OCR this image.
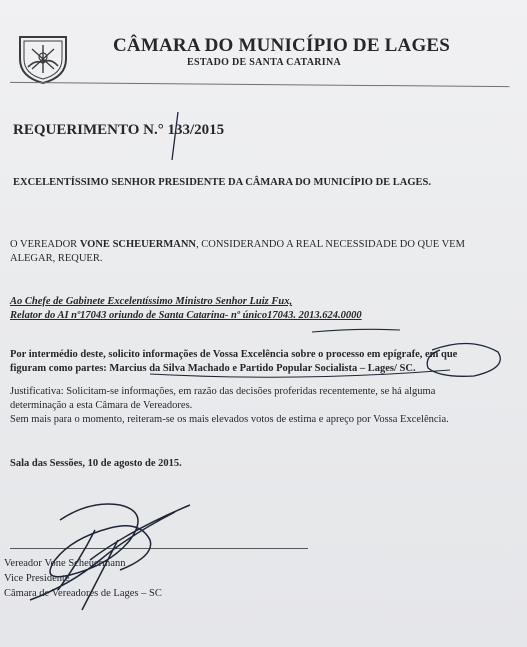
CÂMARA DO MUNICÍPIO DE LAGES
ESTADO DE SANTA CATARINA
REQUERIMENTO N.° 133/2015
EXCELENTÍSSIMO SENHOR PRESIDENTE DA CÂMARA DO MUNICÍPIO DE LAGES.
O VEREADOR VONE SCHEUERMANN, CONSIDERANDO A REAL NECESSIDADE DO QUE VEM
ALEGAR, REQUER.
Ao Chefe de Gabinete Excelentíssimo Ministro Senhor Luiz Fux,
Relator do AI nº17043 oriundo de Santa Catarina- nº único17043. 2013.624.0000
Por intermédio deste, solicito informações de Vossa Excelência sobre o processo em epígrafe, em que
figuram como partes: Marcius da Silva Machado e Partido Popular Socialista – Lages/ SC.
Justificativa: Solicitam-se informações, em razão das decisões proferidas recentemente, se há alguma
determinação a esta Câmara de Vereadores.
Sem mais para o momento, reiteram-se os mais elevados votos de estima e apreço por Vossa Excelência.
Sala das Sessões, 10 de agosto de 2015.
Vereador Vone Scheuermann
Vice Presidente
Câmara de Vereadores de Lages – SC
